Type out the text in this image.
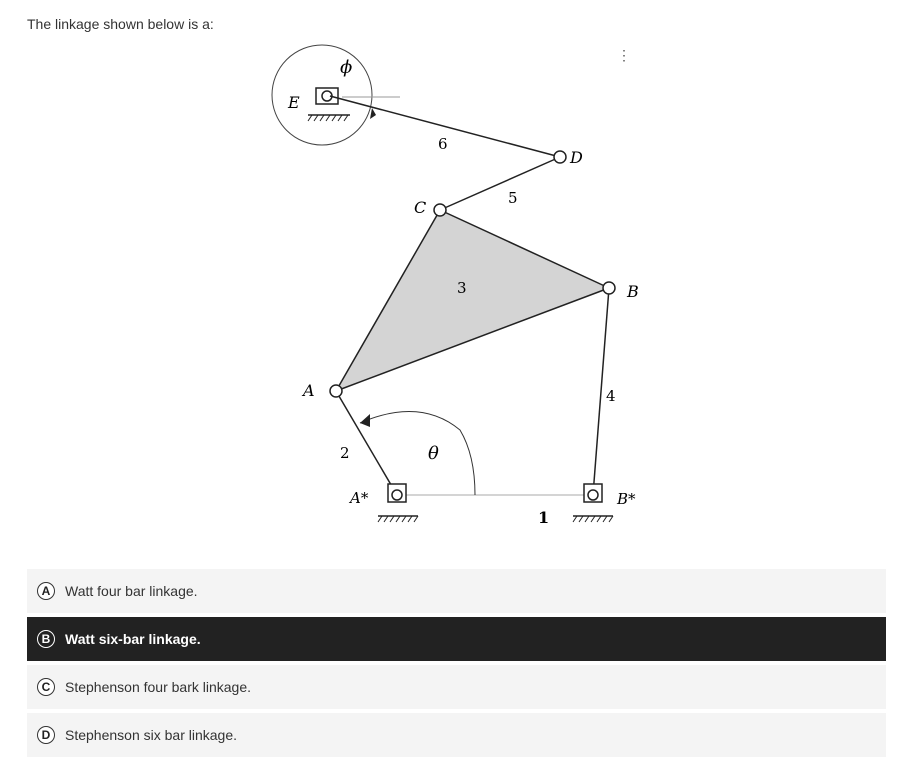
The linkage shown below is a:
⋮
E
ϕ
6
D
C	5
3	B
A	4
2	θ
A*
1
B*
A	Watt four bar linkage.
B	Watt six-bar linkage.
C	Stephenson four bark linkage.
D	Stephenson six bar linkage.
